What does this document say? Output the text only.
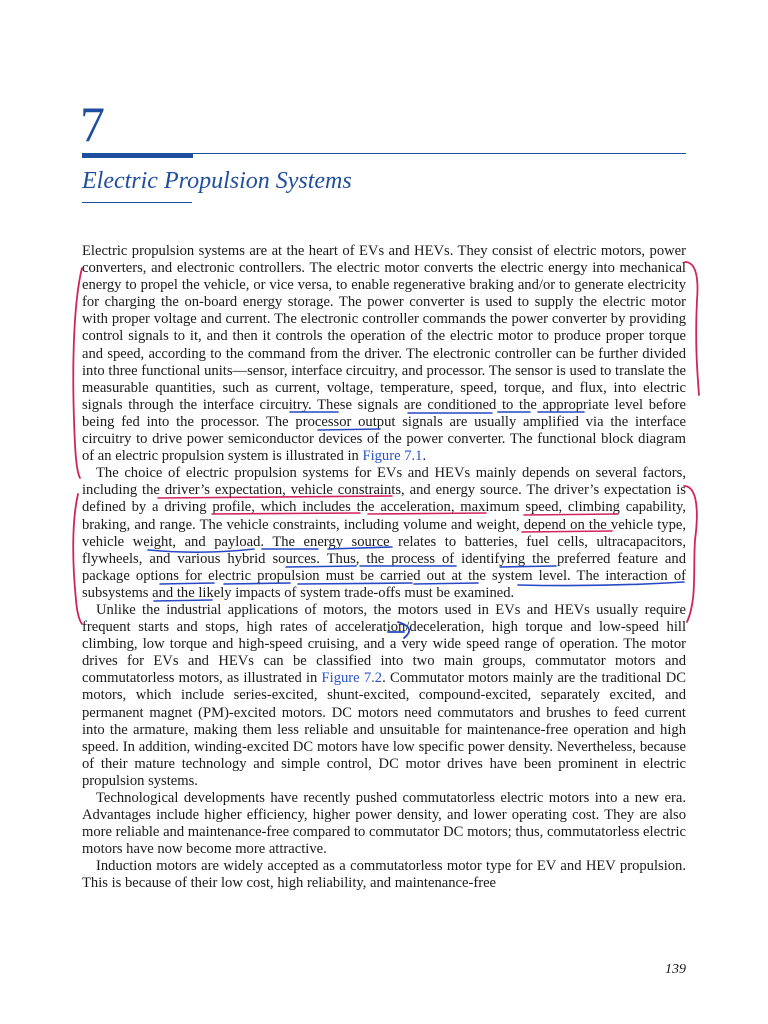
7
Electric Propulsion Systems

Electric propulsion systems are at the heart of EVs and HEVs. They consist of electric motors, power converters, and electronic controllers. The electric motor converts the electric energy into mechanical energy to propel the vehicle, or vice versa, to enable regenerative braking and/or to generate electricity for charging the on-board energy storage. The power converter is used to supply the electric motor with proper voltage and current. The electronic controller commands the power converter by providing control signals to it, and then it controls the operation of the electric motor to produce proper torque and speed, according to the command from the driver. The electronic controller can be further divided into three functional units—sensor, interface circuitry, and processor. The sensor is used to translate the measurable quantities, such as current, voltage, temperature, speed, torque, and flux, into electric signals through the interface circuitry. These signals are conditioned to the appropriate level before being fed into the processor. The processor output signals are usually amplified via the interface circuitry to drive power semiconductor devices of the power converter. The functional block diagram of an electric propulsion system is illustrated in Figure 7.1.

The choice of electric propulsion systems for EVs and HEVs mainly depends on several factors, including the driver’s expectation, vehicle constraints, and energy source. The driver’s expectation is defined by a driving profile, which includes the acceleration, maximum speed, climbing capability, braking, and range. The vehicle constraints, including volume and weight, depend on the vehicle type, vehicle weight, and payload. The energy source relates to batteries, fuel cells, ultracapacitors, flywheels, and various hybrid sources. Thus, the process of identifying the preferred feature and package options for electric propulsion must be carried out at the system level. The interaction of subsystems and the likely impacts of system trade-offs must be examined.

Unlike the industrial applications of motors, the motors used in EVs and HEVs usually require frequent starts and stops, high rates of acceleration/deceleration, high torque and low-speed hill climbing, low torque and high-speed cruising, and a very wide speed range of operation. The motor drives for EVs and HEVs can be classified into two main groups, commutator motors and commutatorless motors, as illustrated in Figure 7.2. Commutator motors mainly are the traditional DC motors, which include series-excited, shunt-excited, compound-excited, separately excited, and permanent magnet (PM)-excited motors. DC motors need commutators and brushes to feed current into the armature, making them less reliable and unsuitable for maintenance-free operation and high speed. In addition, winding-excited DC motors have low specific power density. Nevertheless, because of their mature technology and simple control, DC motor drives have been prominent in electric propulsion systems.

Technological developments have recently pushed commutatorless electric motors into a new era. Advantages include higher efficiency, higher power density, and lower operating cost. They are also more reliable and maintenance-free compared to commutator DC motors; thus, commutatorless electric motors have now become more attractive.

Induction motors are widely accepted as a commutatorless motor type for EV and HEV propulsion. This is because of their low cost, high reliability, and maintenance-free

139
